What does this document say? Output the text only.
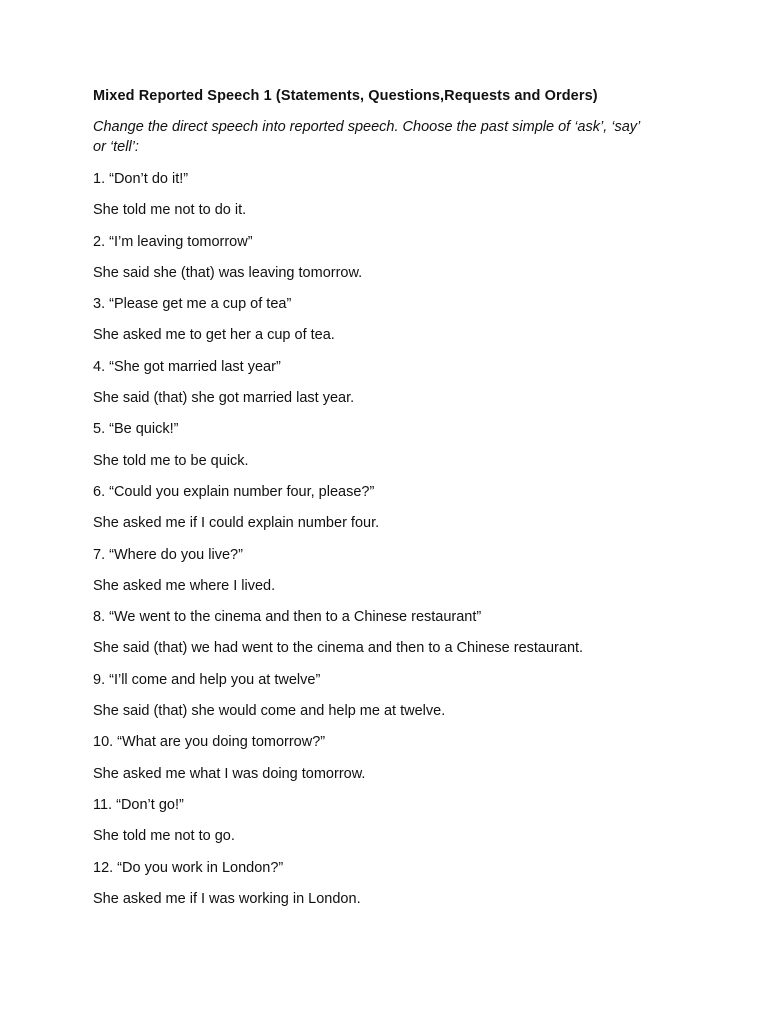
Mixed Reported Speech 1 (Statements, Questions,Requests and Orders)

Change the direct speech into reported speech. Choose the past simple of ‘ask’, ‘say’ or ‘tell’:

1. “Don’t do it!”
She told me not to do it.
2. “I’m leaving tomorrow”
She said she (that) was leaving tomorrow.
3. “Please get me a cup of tea”
She asked me to get her a cup of tea.
4. “She got married last year”
She said (that) she got married last year.
5. “Be quick!”
She told me to be quick.
6. “Could you explain number four, please?”
She asked me if I could explain number four.
7. “Where do you live?”
She asked me where I lived.
8. “We went to the cinema and then to a Chinese restaurant”
She said (that) we had went to the cinema and then to a Chinese restaurant.
9. “I’ll come and help you at twelve”
She said (that) she would come and help me at twelve.
10. “What are you doing tomorrow?”
She asked me what I was doing tomorrow.
11. “Don’t go!”
She told me not to go.
12. “Do you work in London?”
She asked me if I was working in London.
